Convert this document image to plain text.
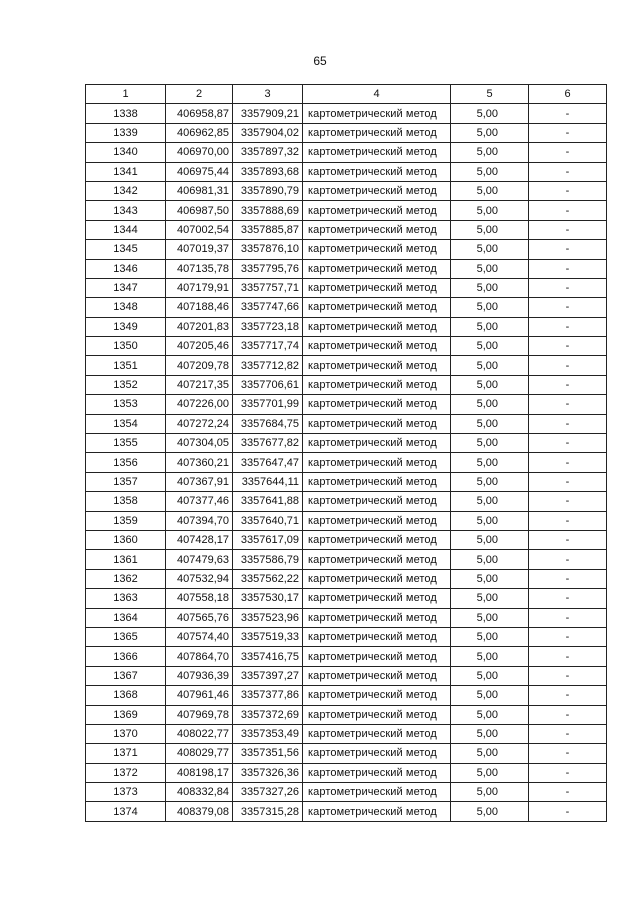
65
1	2	3	4	5	6
1338	406958,87	3357909,21	картометрический метод	5,00	-
1339	406962,85	3357904,02	картометрический метод	5,00	-
1340	406970,00	3357897,32	картометрический метод	5,00	-
1341	406975,44	3357893,68	картометрический метод	5,00	-
1342	406981,31	3357890,79	картометрический метод	5,00	-
1343	406987,50	3357888,69	картометрический метод	5,00	-
1344	407002,54	3357885,87	картометрический метод	5,00	-
1345	407019,37	3357876,10	картометрический метод	5,00	-
1346	407135,78	3357795,76	картометрический метод	5,00	-
1347	407179,91	3357757,71	картометрический метод	5,00	-
1348	407188,46	3357747,66	картометрический метод	5,00	-
1349	407201,83	3357723,18	картометрический метод	5,00	-
1350	407205,46	3357717,74	картометрический метод	5,00	-
1351	407209,78	3357712,82	картометрический метод	5,00	-
1352	407217,35	3357706,61	картометрический метод	5,00	-
1353	407226,00	3357701,99	картометрический метод	5,00	-
1354	407272,24	3357684,75	картометрический метод	5,00	-
1355	407304,05	3357677,82	картометрический метод	5,00	-
1356	407360,21	3357647,47	картометрический метод	5,00	-
1357	407367,91	3357644,11	картометрический метод	5,00	-
1358	407377,46	3357641,88	картометрический метод	5,00	-
1359	407394,70	3357640,71	картометрический метод	5,00	-
1360	407428,17	3357617,09	картометрический метод	5,00	-
1361	407479,63	3357586,79	картометрический метод	5,00	-
1362	407532,94	3357562,22	картометрический метод	5,00	-
1363	407558,18	3357530,17	картометрический метод	5,00	-
1364	407565,76	3357523,96	картометрический метод	5,00	-
1365	407574,40	3357519,33	картометрический метод	5,00	-
1366	407864,70	3357416,75	картометрический метод	5,00	-
1367	407936,39	3357397,27	картометрический метод	5,00	-
1368	407961,46	3357377,86	картометрический метод	5,00	-
1369	407969,78	3357372,69	картометрический метод	5,00	-
1370	408022,77	3357353,49	картометрический метод	5,00	-
1371	408029,77	3357351,56	картометрический метод	5,00	-
1372	408198,17	3357326,36	картометрический метод	5,00	-
1373	408332,84	3357327,26	картометрический метод	5,00	-
1374	408379,08	3357315,28	картометрический метод	5,00	-
